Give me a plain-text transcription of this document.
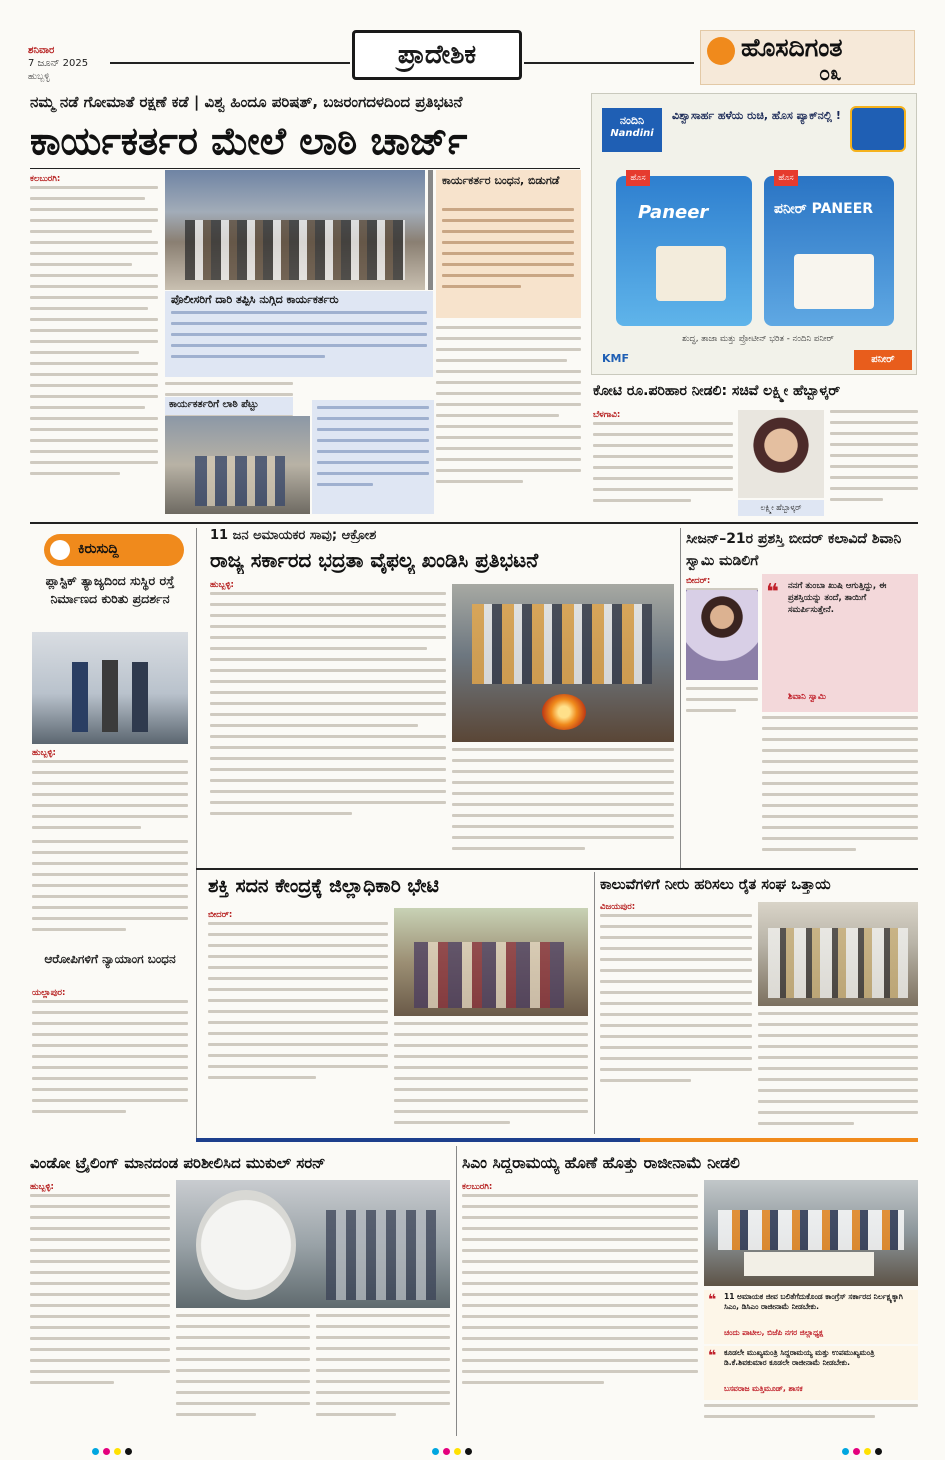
ಶನಿವಾರ
7 ಜೂನ್ 2025
ಹುಬ್ಬಳ್ಳಿ
ಪ್ರಾದೇಶಿಕ	ಹೊಸದಿಗಂತ
೦೩
ನಮ್ಮ ನಡೆ ಗೋಮಾತೆ ರಕ್ಷಣೆ ಕಡೆ | ವಿಶ್ವ ಹಿಂದೂ ಪರಿಷತ್, ಬಜರಂಗದಳದಿಂದ ಪ್ರತಿಭಟನೆ
ಕಾರ್ಯಕರ್ತರ ಮೇಲೆ ಲಾಠಿ ಚಾರ್ಜ್
ಕಲಬುರಗಿ:
ಪೊಲೀಸರಿಗೆ ದಾರಿ ತಪ್ಪಿಸಿ ನುಗ್ಗಿದ ಕಾರ್ಯಕರ್ತರು
ಕಾರ್ಯಕರ್ತರಿಗೆ ಲಾಠಿ ಪೆಟ್ಟು
ಕಾರ್ಯಕರ್ತರ ಬಂಧನ, ಬಿಡುಗಡೆ
ನಂದಿನಿ
Nandini
ವಿಶ್ವಾಸಾರ್ಹ ಹಳೆಯ ರುಚಿ, ಹೊಸ ಪ್ಯಾಕ್‌ನಲ್ಲಿ !
ಹೊಸ
Paneer
ಹೊಸ
ಪನೀರ್ PANEER
ಶುದ್ಧ, ತಾಜಾ ಮತ್ತು ಪ್ರೋಟೀನ್ ಭರಿತ - ನಂದಿನಿ ಪನೀರ್
KMF	ಪನೀರ್
ಕೋಟಿ ರೂ.ಪರಿಹಾರ ನೀಡಲಿ: ಸಚಿವೆ ಲಕ್ಷ್ಮೀ ಹೆಬ್ಬಾಳ್ಕರ್
ಬೆಳಗಾವಿ:
ಲಕ್ಷ್ಮೀ ಹೆಬ್ಬಾಳ್ಕರ್
ಕಿರುಸುದ್ದಿ
ಪ್ಲಾಸ್ಟಿಕ್ ತ್ಯಾಜ್ಯದಿಂದ ಸುಸ್ಥಿರ ರಸ್ತೆ ನಿರ್ಮಾಣದ ಕುರಿತು ಪ್ರದರ್ಶನ
ಹುಬ್ಬಳ್ಳಿ:
ಆರೋಪಿಗಳಿಗೆ ನ್ಯಾಯಾಂಗ ಬಂಧನ
ಯಲ್ಲಾಪುರ:
11 ಜನ ಅಮಾಯಕರ ಸಾವು; ಆಕ್ರೋಶ
ರಾಜ್ಯ ಸರ್ಕಾರದ ಭದ್ರತಾ ವೈಫಲ್ಯ ಖಂಡಿಸಿ ಪ್ರತಿಭಟನೆ
ಹುಬ್ಬಳ್ಳಿ:
ಸೀಜನ್–21ರ ಪ್ರಶಸ್ತಿ ಬೀದರ್ ಕಲಾವಿದೆ ಶಿವಾನಿ ಸ್ವಾಮಿ ಮಡಿಲಿಗೆ
ಬೀದರ್:	❝ ನನಗೆ ತುಂಬಾ ಖುಷಿ ಆಗುತ್ತಿದ್ದು, ಈ ಪ್ರಶಸ್ತಿಯನ್ನು ತಂದೆ, ತಾಯಿಗೆ ಸಮರ್ಪಿಸುತ್ತೇನೆ.
ಶಿವಾನಿ ಸ್ವಾಮಿ
ಶಕ್ತಿ ಸದನ ಕೇಂದ್ರಕ್ಕೆ ಜಿಲ್ಲಾಧಿಕಾರಿ ಭೇಟಿ
ಬೀದರ್:
ಕಾಲುವೆಗಳಿಗೆ ನೀರು ಹರಿಸಲು ರೈತ ಸಂಘ ಒತ್ತಾಯ
ವಿಜಯಪುರ:
ವಿಂಡೋ ಟ್ರೈಲಿಂಗ್ ಮಾನದಂಡ ಪರಿಶೀಲಿಸಿದ ಮುಕುಲ್ ಸರನ್
ಹುಬ್ಬಳ್ಳಿ:
ಸಿಎಂ ಸಿದ್ದರಾಮಯ್ಯ ಹೊಣೆ ಹೊತ್ತು ರಾಜೀನಾಮೆ ನೀಡಲಿ
ಕಲಬುರಗಿ:
❝ 11 ಅಮಾಯಕ ಜೀವ ಬಲಿತೆಗೆದುಕೊಂಡ ಕಾಂಗ್ರೆಸ್ ಸರ್ಕಾರದ ನಿರ್ಲಕ್ಷ್ಯಕ್ಕಾಗಿ ಸಿಎಂ, ಡಿಸಿಎಂ ರಾಜೀನಾಮೆ ನೀಡಬೇಕು.
ಚಂದು ಪಾಟೀಲ, ಬಿಜೆಪಿ ನಗರ ಜಿಲ್ಲಾಧ್ಯಕ್ಷ
❝ ಕೂಡಲೇ ಮುಖ್ಯಮಂತ್ರಿ ಸಿದ್ದರಾಮಯ್ಯ ಮತ್ತು ಉಪಮುಖ್ಯಮಂತ್ರಿ ಡಿ.ಕೆ.ಶಿವಕುಮಾರ ಕೂಡಲೇ ರಾಜೀನಾಮೆ ನೀಡಬೇಕು.
ಬಸವರಾಜ ಮತ್ತಿಮೂಡ್, ಶಾಸಕ
